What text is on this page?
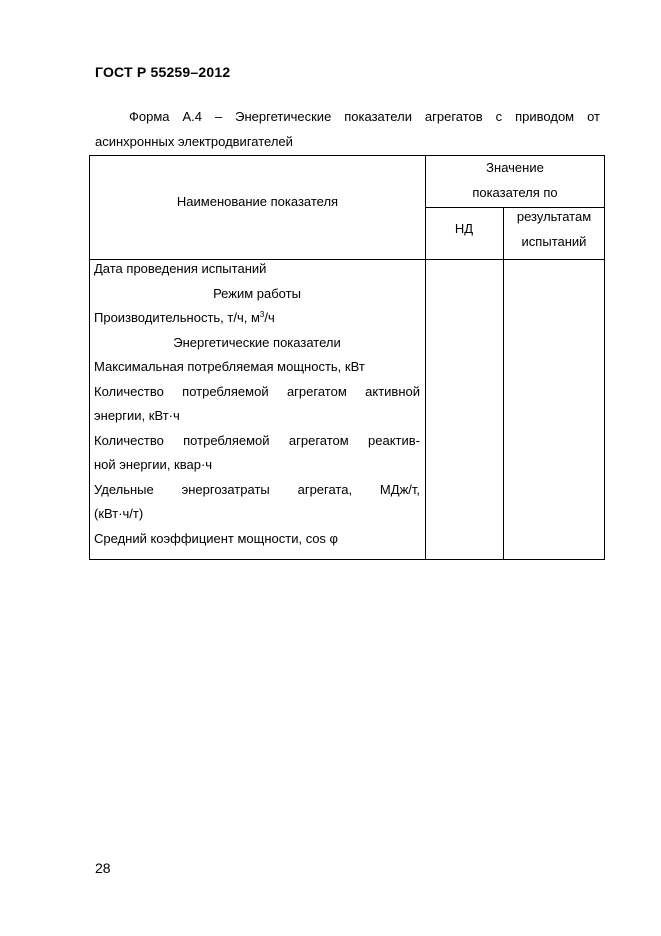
ГОСТ Р 55259–2012
Форма А.4 – Энергетические показатели агрегатов с приводом от
асинхронных электродвигателей
Наименование показателя
Значение
показателя по
НД
результатам
испытаний
Дата проведения испытаний
Режим работы
Производительность, т/ч, $м^3/ч$
Энергетические показатели
Максимальная потребляемая мощность, кВт
Количество потребляемой агрегатом активной
энергии, кВт·ч
Количество потребляемой агрегатом реактив-
ной энергии, квар·ч
Удельные энергозатраты агрегата, МДж/т,
(кВт·ч/т)
Средний коэффициент мощности, cos φ
28
